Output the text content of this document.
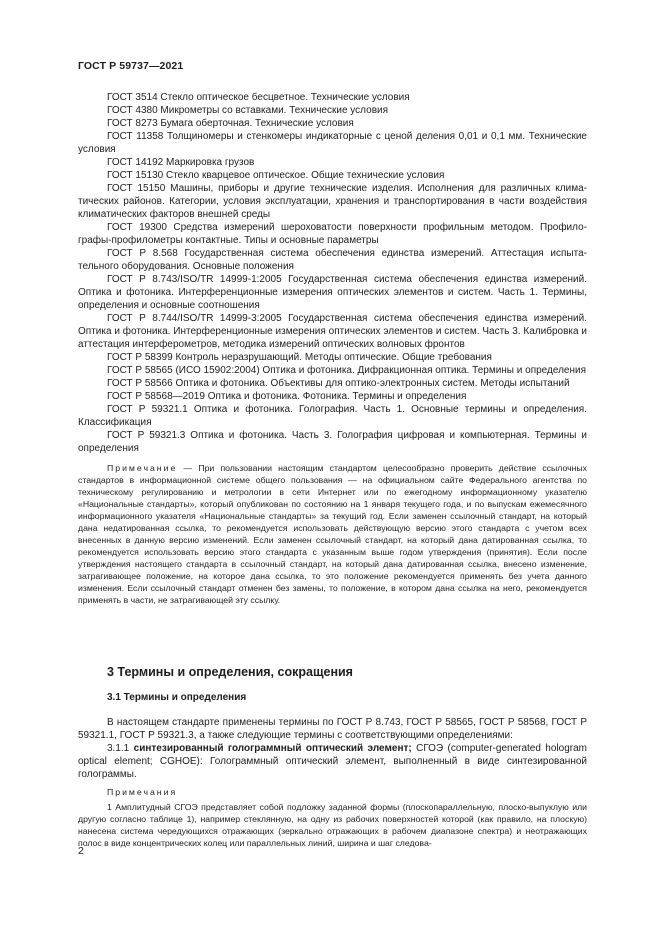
ГОСТ Р 59737—2021

ГОСТ 3514 Стекло оптическое бесцветное. Технические условия

ГОСТ 4380 Микрометры со вставками. Технические условия

ГОСТ 8273 Бумага оберточная. Технические условия

ГОСТ 11358 Толщиномеры и стенкомеры индикаторные с ценой деления 0,01 и 0,1 мм. Технические условия

ГОСТ 14192 Маркировка грузов

ГОСТ 15130 Стекло кварцевое оптическое. Общие технические условия

ГОСТ 15150 Машины, приборы и другие технические изделия. Исполнения для различных климатических районов. Категории, условия эксплуатации, хранения и транспортирования в части воздействия климатических факторов внешней среды

ГОСТ 19300 Средства измерений шероховатости поверхности профильным методом. Профилографы-профилометры контактные. Типы и основные параметры

ГОСТ Р 8.568 Государственная система обеспечения единства измерений. Аттестация испытательного оборудования. Основные положения

ГОСТ Р 8.743/ISO/TR 14999-1:2005 Государственная система обеспечения единства измерений. Оптика и фотоника. Интерференционные измерения оптических элементов и систем. Часть 1. Термины, определения и основные соотношения

ГОСТ Р 8.744/ISO/TR 14999-3:2005 Государственная система обеспечения единства измерений. Оптика и фотоника. Интерференционные измерения оптических элементов и систем. Часть 3. Калибровка и аттестация интерферометров, методика измерений оптических волновых фронтов

ГОСТ Р 58399 Контроль неразрушающий. Методы оптические. Общие требования

ГОСТ Р 58565 (ИСО 15902:2004) Оптика и фотоника. Дифракционная оптика. Термины и определения

ГОСТ Р 58566 Оптика и фотоника. Объективы для оптико-электронных систем. Методы испытаний

ГОСТ Р 58568—2019 Оптика и фотоника. Фотоника. Термины и определения

ГОСТ Р 59321.1 Оптика и фотоника. Голография. Часть 1. Основные термины и определения. Классификация

ГОСТ Р 59321.3 Оптика и фотоника. Часть 3. Голография цифровая и компьютерная. Термины и определения

Примечание — При пользовании настоящим стандартом целесообразно проверить действие ссылочных стандартов в информационной системе общего пользования — на официальном сайте Федерального агентства по техническому регулированию и метрологии в сети Интернет или по ежегодному информационному указателю «Национальные стандарты», который опубликован по состоянию на 1 января текущего года, и по выпускам ежемесячного информационного указателя «Национальные стандарты» за текущий год. Если заменен ссылочный стандарт, на который дана недатированная ссылка, то рекомендуется использовать действующую версию этого стандарта с учетом всех внесенных в данную версию изменений. Если заменен ссылочный стандарт, на который дана датированная ссылка, то рекомендуется использовать версию этого стандарта с указанным выше годом утверждения (принятия). Если после утверждения настоящего стандарта в ссылочный стандарт, на который дана датированная ссылка, внесено изменение, затрагивающее положение, на которое дана ссылка, то это положение рекомендуется применять без учета данного изменения. Если ссылочный стандарт отменен без замены, то положение, в котором дана ссылка на него, рекомендуется применять в части, не затрагивающей эту ссылку.

3 Термины и определения, сокращения
3.1 Термины и определения

В настоящем стандарте применены термины по ГОСТ Р 8.743, ГОСТ Р 58565, ГОСТ Р 58568, ГОСТ Р 59321.1, ГОСТ Р 59321.3, а также следующие термины с соответствующими определениями:

3.1.1 синтезированный голограммный оптический элемент; СГОЭ (computer-generated hologram optical element; CGHOE): Голограммный оптический элемент, выполненный в виде синтезированной голограммы.

Примечания

1 Амплитудный СГОЭ представляет собой подложку заданной формы (плоскопараллельную, плоско-выпуклую или другую согласно таблице 1), например стеклянную, на одну из рабочих поверхностей которой (как правило, на плоскую) нанесена система чередующихся отражающих (зеркально отражающих в рабочем диапазоне спектра) и неотражающих полос в виде концентрических колец или параллельных линий, ширина и шаг следова-

2
